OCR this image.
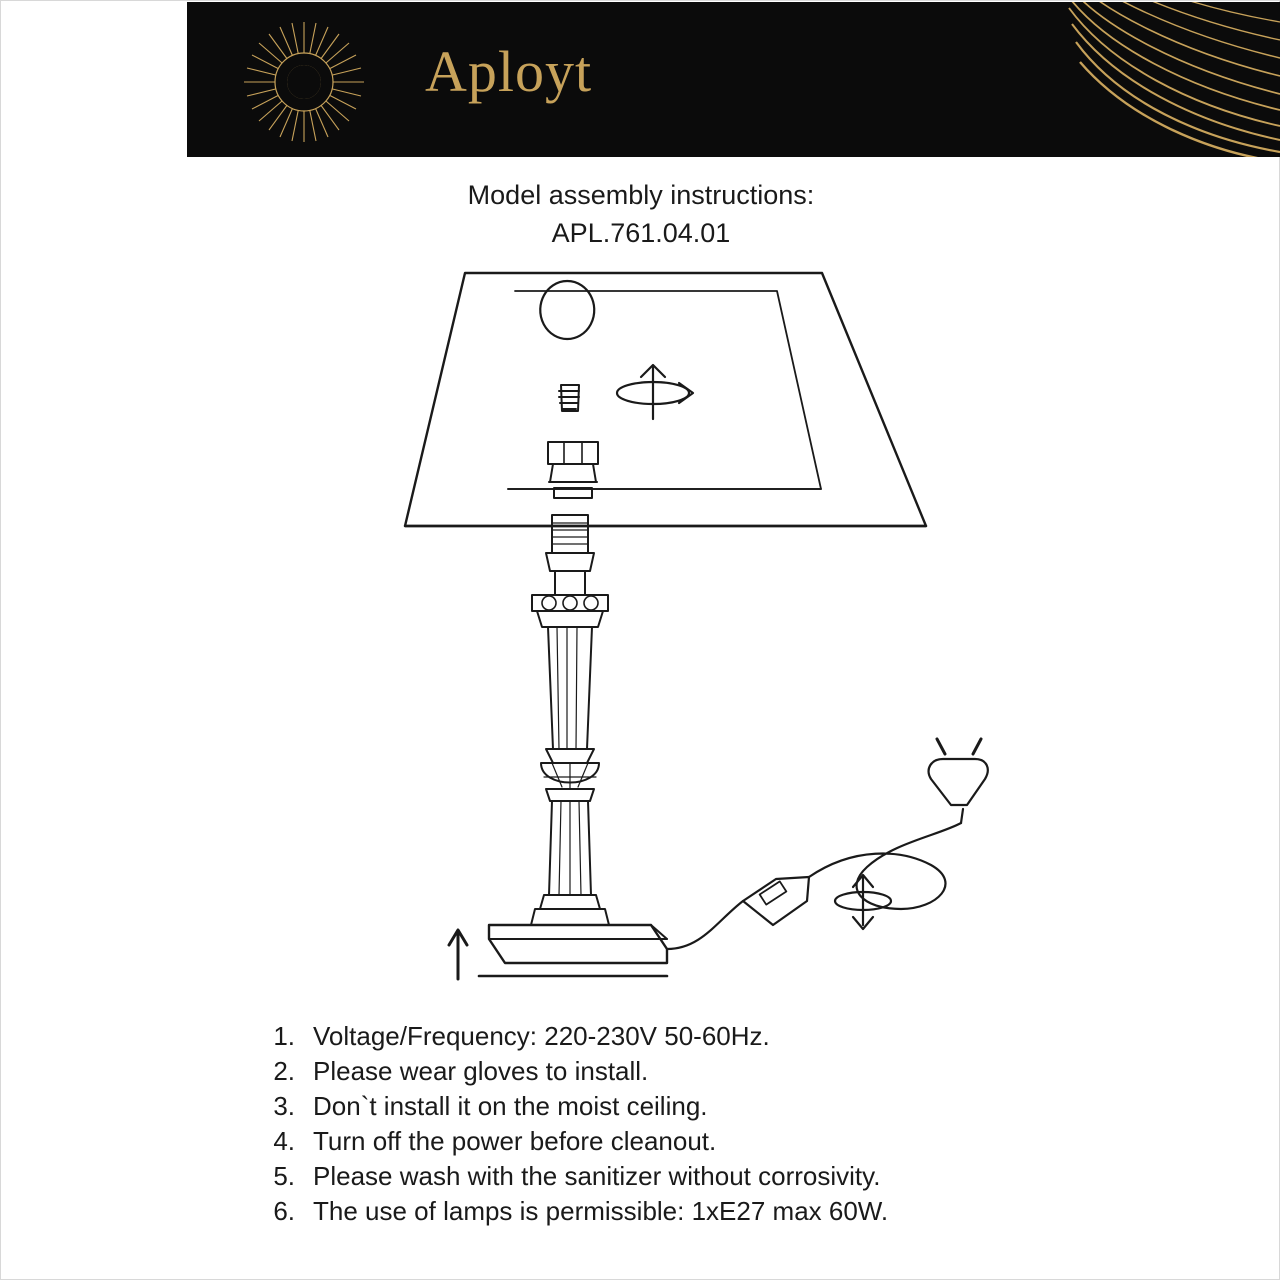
Aployt
Model assembly instructions:
APL.761.04.01
1. Voltage/Frequency: 220-230V 50-60Hz.
2. Please wear gloves to install.
3. Don`t install it on the moist ceiling.
4. Turn off the power before cleanout.
5. Please wash with the sanitizer without corrosivity.
6. The use of lamps is permissible: 1xE27 max 60W.
